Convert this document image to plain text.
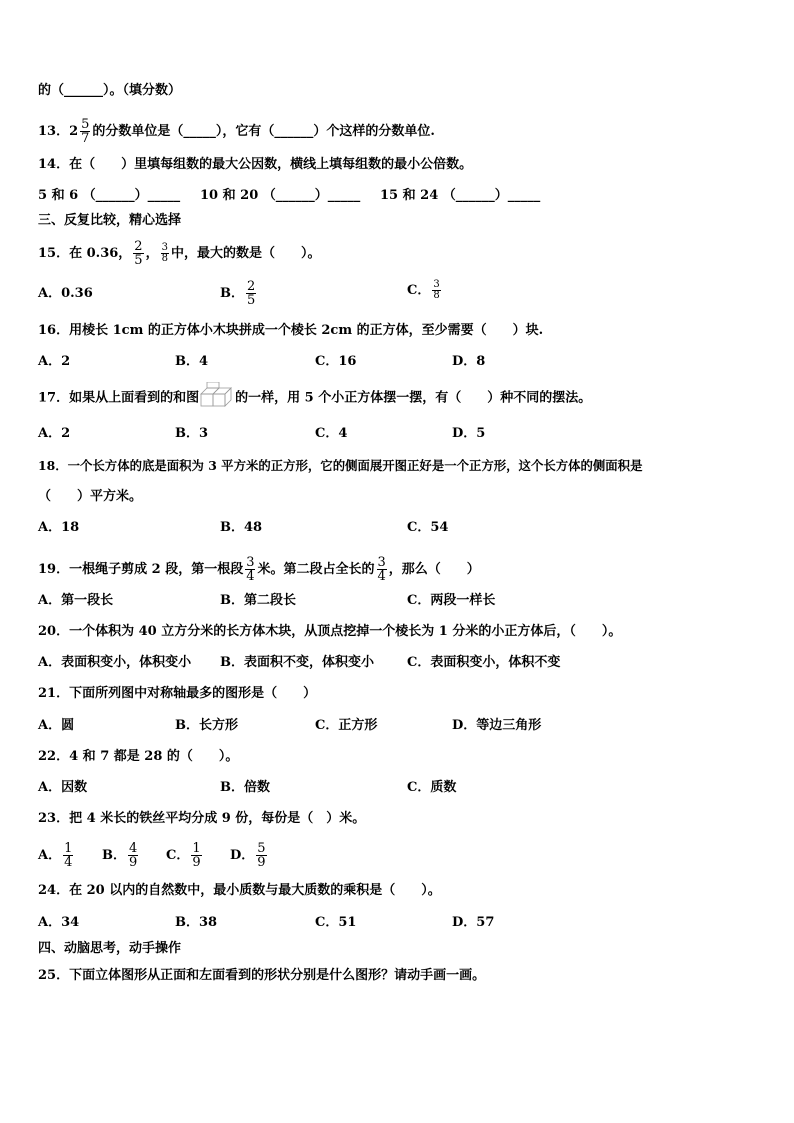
的（______）。（填分数）
13．$2 \frac{5}{7}$ 的分数单位是（_____），它有（______）个这样的分数单位.
14．在（　　）里填每组数的最大公因数，横线上填每组数的最小公倍数。
5 和 6 （______）_____ 10 和 20 （______）_____ 15 和 24 （______）_____
三、反复比较，精心选择
15．在 0.36， $\frac{2}{5}$ ， $\frac{3}{8}$ 中，最大的数是（　　）。
A．0.36	B． $\frac{2}{5}$	C． $\frac{3}{8}$
16．用棱长 1cm 的正方体小木块拼成一个棱长 2cm 的正方体，至少需要（　　）块.
A．2	B．4	C．16	D．8
17．如果从上面看到的和图	的一样，用 5 个小正方体摆一摆，有（　　）种不同的摆法。
A．2	B．3	C．4	D．5
18．一个长方体的底是面积为 3 平方米的正方形，它的侧面展开图正好是一个正方形，这个长方体的侧面积是
（　　）平方米。
A．18	B．48	C．54
19．一根绳子剪成 2 段，第一根段 $\frac{3}{4}$ 米。第二段占全长的 $\frac{3}{4}$ ，那么（　　）
A．第一段长	B．第二段长	C．两段一样长
20．一个体积为 40 立方分米的长方体木块，从顶点挖掉一个棱长为 1 分米的小正方体后，（　　）。
A．表面积变小，体积变小 B．表面积不变，体积变小	C．表面积变小，体积不变
21．下面所列图中对称轴最多的图形是（　　）
A．圆	B．长方形	C．正方形	D．等边三角形
22．4 和 7 都是 28 的（　　）。
A．因数	B．倍数	C．质数
23．把 4 米长的铁丝平均分成 9 份，每份是（　）米。
A． $\frac{1}{4}$ B． $\frac{4}{9}$ C． $\frac{1}{9}$ D． $\frac{5}{9}$
24．在 20 以内的自然数中，最小质数与最大质数的乘积是（　　）。
A．34	B．38	C．51	D．57
四、动脑思考，动手操作
25．下面立体图形从正面和左面看到的形状分别是什么图形？请动手画一画。
